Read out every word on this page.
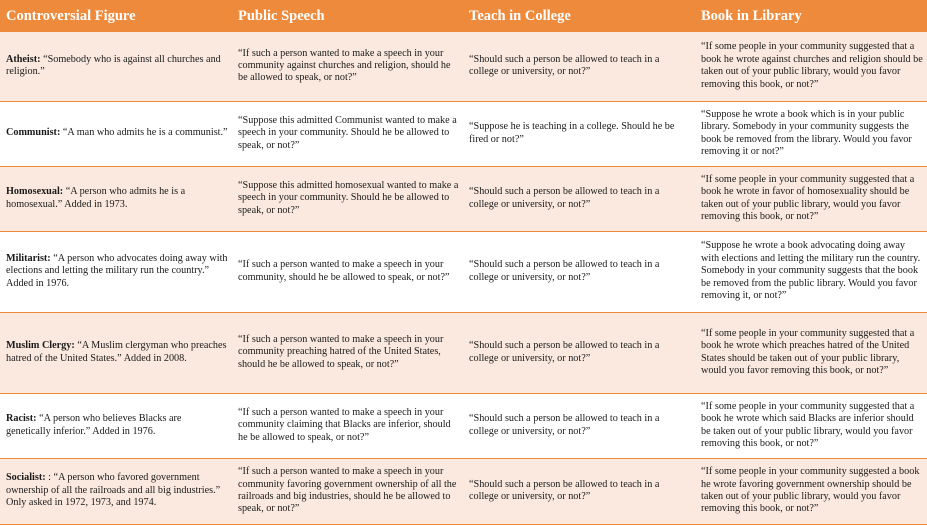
Controversial Figure	Public Speech	Teach in College	Book in Library
Atheist: “Somebody who is against all churches and religion.”	“If such a person wanted to make a speech in your community against churches and religion, should he be allowed to speak, or not?”	“Should such a person be allowed to teach in a college or university, or not?”	“If some people in your community suggested that a book he wrote against churches and religion should be taken out of your public library, would you favor removing this book, or not?”
Communist: “A man who admits he is a communist.”	“Suppose this admitted Communist wanted to make a speech in your community. Should he be allowed to speak, or not?”	“Suppose he is teaching in a college. Should he be fired or not?”	“Suppose he wrote a book which is in your public library. Somebody in your community suggests the book be removed from the library. Would you favor removing it or not?”
Homosexual: “A person who admits he is a homosexual.” Added in 1973.	“Suppose this admitted homosexual wanted to make a speech in your community. Should he be allowed to speak, or not?”	“Should such a person be allowed to teach in a college or university, or not?”	“If some people in your community suggested that a book he wrote in favor of homosexuality should be taken out of your public library, would you favor removing this book, or not?”
Militarist: “A person who advocates doing away with elections and letting the military run the country.” Added in 1976.	“If such a person wanted to make a speech in your community, should he be allowed to speak, or not?”	“Should such a person be allowed to teach in a college or university, or not?”	“Suppose he wrote a book advocating doing away with elections and letting the military run the country. Somebody in your community suggests that the book be removed from the public library. Would you favor removing it, or not?”
Muslim Clergy: “A Muslim clergyman who preaches hatred of the United States.” Added in 2008.	“If such a person wanted to make a speech in your community preaching hatred of the United States, should he be allowed to speak, or not?”	“Should such a person be allowed to teach in a college or university, or not?”	“If some people in your community suggested that a book he wrote which preaches hatred of the United States should be taken out of your public library, would you favor removing this book, or not?”
Racist: “A person who believes Blacks are genetically inferior.” Added in 1976.	“If such a person wanted to make a speech in your community claiming that Blacks are inferior, should he be allowed to speak, or not?”	“Should such a person be allowed to teach in a college or university, or not?”	“If some people in your community suggested that a book he wrote which said Blacks are inferior should be taken out of your public library, would you favor removing this book, or not?”
Socialist: : “A person who favored government ownership of all the railroads and all big industries.” Only asked in 1972, 1973, and 1974.	“If such a person wanted to make a speech in your community favoring government ownership of all the railroads and big industries, should he be allowed to speak, or not?”	“Should such a person be allowed to teach in a college or university, or not?”	“If some people in your community suggested a book he wrote favoring government ownership should be taken out of your public library, would you favor removing this book, or not?”
